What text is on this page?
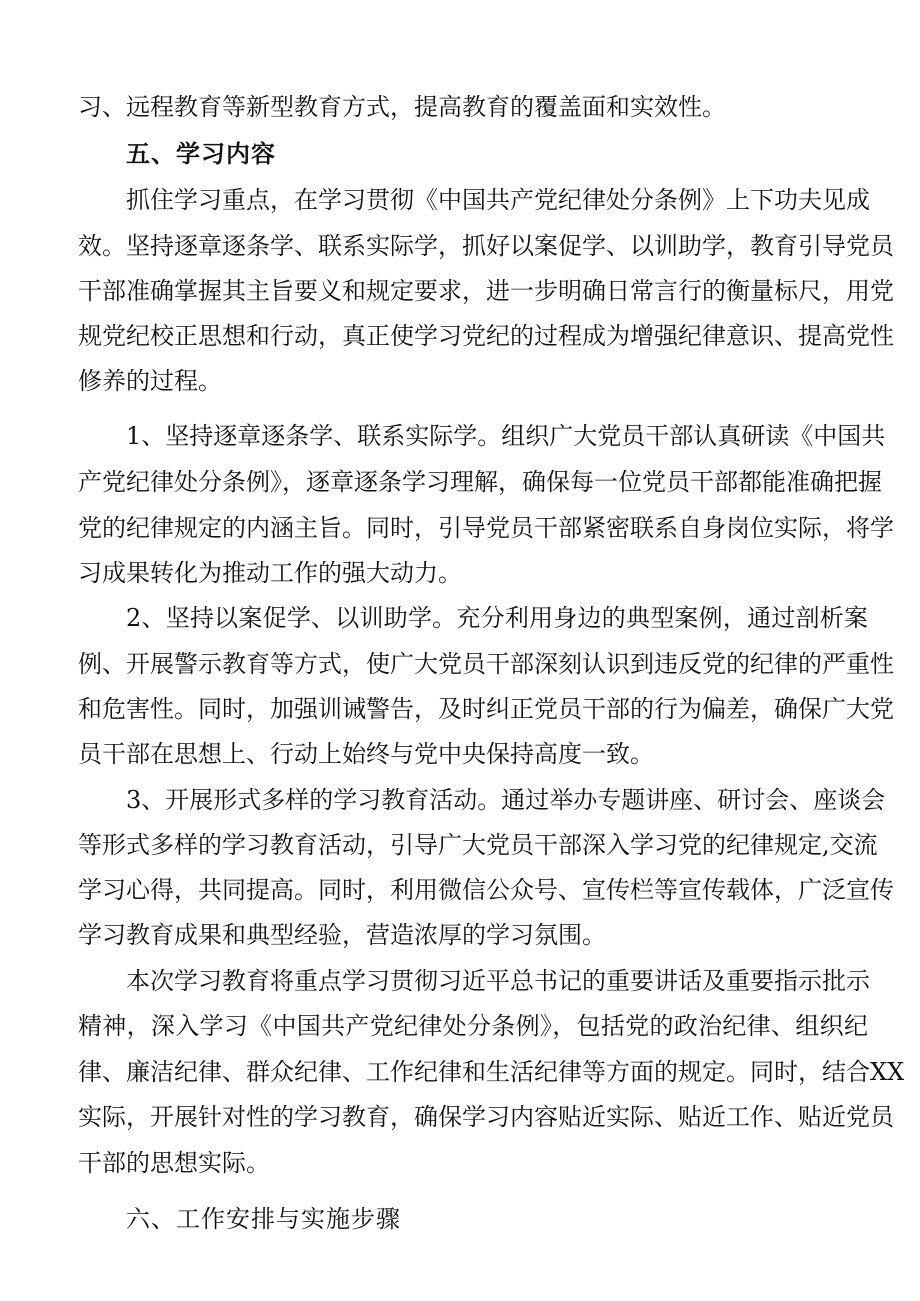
习、远程教育等新型教育方式，提高教育的覆盖面和实效性。
五、学习内容
抓住学习重点，在学习贯彻《中国共产党纪律处分条例》上下功夫见成
效。坚持逐章逐条学、联系实际学，抓好以案促学、以训助学，教育引导党员
干部准确掌握其主旨要义和规定要求，进一步明确日常言行的衡量标尺，用党
规党纪校正思想和行动，真正使学习党纪的过程成为增强纪律意识、提高党性
修养的过程。
1、坚持逐章逐条学、联系实际学。组织广大党员干部认真研读《中国共
产党纪律处分条例》，逐章逐条学习理解，确保每一位党员干部都能准确把握
党的纪律规定的内涵主旨。同时，引导党员干部紧密联系自身岗位实际，将学
习成果转化为推动工作的强大动力。
2、坚持以案促学、以训助学。充分利用身边的典型案例，通过剖析案
例、开展警示教育等方式，使广大党员干部深刻认识到违反党的纪律的严重性
和危害性。同时，加强训诫警告，及时纠正党员干部的行为偏差，确保广大党
员干部在思想上、行动上始终与党中央保持高度一致。
3、开展形式多样的学习教育活动。通过举办专题讲座、研讨会、座谈会
等形式多样的学习教育活动，引导广大党员干部深入学习党的纪律规定,交流
学习心得，共同提高。同时，利用微信公众号、宣传栏等宣传载体，广泛宣传
学习教育成果和典型经验，营造浓厚的学习氛围。
本次学习教育将重点学习贯彻习近平总书记的重要讲话及重要指示批示
精神，深入学习《中国共产党纪律处分条例》，包括党的政治纪律、组织纪
律、廉洁纪律、群众纪律、工作纪律和生活纪律等方面的规定。同时，结合XX
实际，开展针对性的学习教育，确保学习内容贴近实际、贴近工作、贴近党员
干部的思想实际。
六、工作安排与实施步骤
